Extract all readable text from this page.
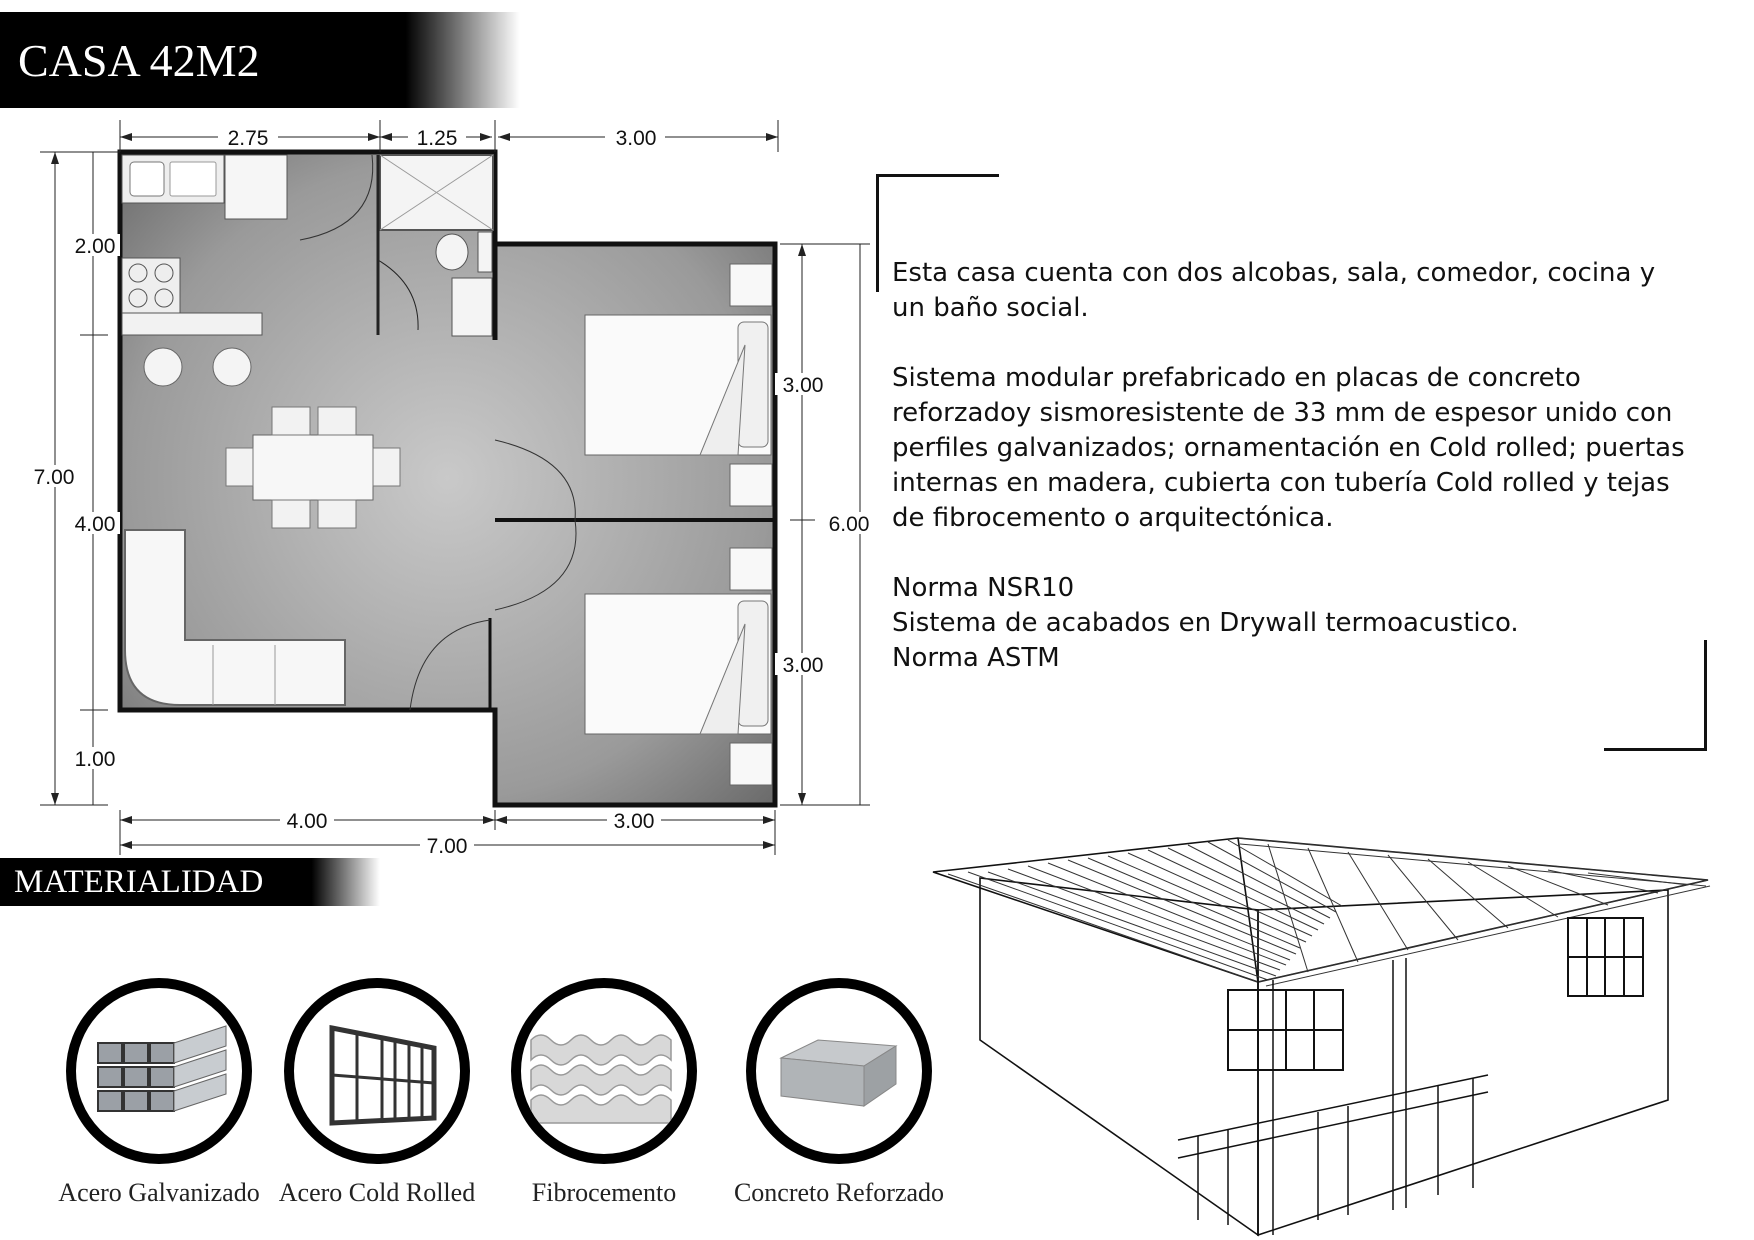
CASA 42M2
2.75	1.25	3.00
7.00
2.00
4.00
1.00
3.00
3.00
6.00
4.00	3.00
7.00

Esta casa cuenta con dos alcobas, sala, comedor, cocina y un baño social.

Sistema modular prefabricado en placas de concreto reforzadoy sismoresistente de 33 mm de espesor unido con perfiles galvanizados; ornamentación en Cold rolled; puertas internas en madera, cubierta con tubería Cold rolled y tejas de fibrocemento o arquitectónica.

Norma NSR10

Sistema de acabados en Drywall termoacustico.

Norma ASTM

MATERIALIDAD
Acero Galvanizado Acero Cold Rolled	Fibrocemento	Concreto Reforzado
